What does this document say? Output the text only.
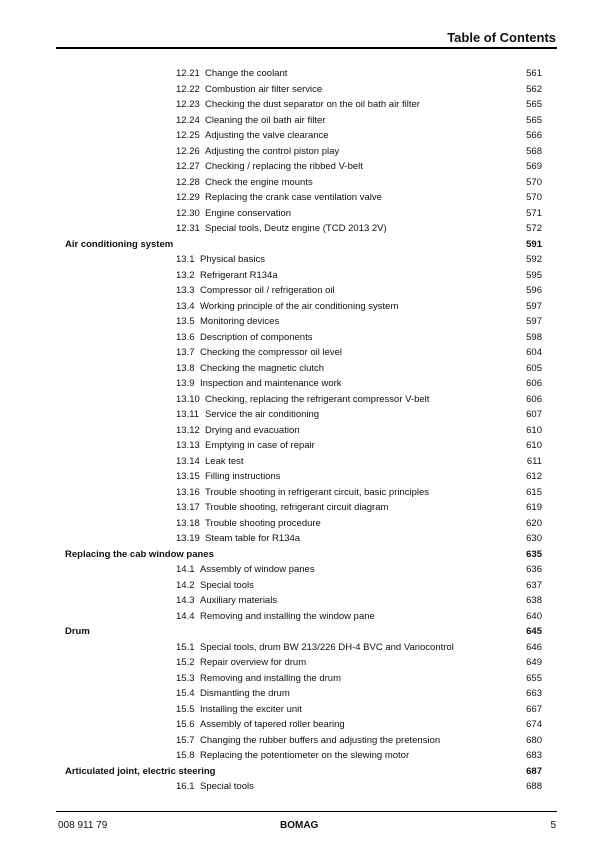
Table of Contents
12.21 Change the coolant	561
12.22 Combustion air filter service	562
12.23 Checking the dust separator on the oil bath air filter	565
12.24 Cleaning the oil bath air filter	565
12.25 Adjusting the valve clearance	566
12.26 Adjusting the control piston play	568
12.27 Checking / replacing the ribbed V-belt	569
12.28 Check the engine mounts	570
12.29 Replacing the crank case ventilation valve	570
12.30 Engine conservation	571
12.31 Special tools, Deutz engine (TCD 2013 2V)	572
Air conditioning system	591
13.1 Physical basics	592
13.2 Refrigerant R134a	595
13.3 Compressor oil / refrigeration oil	596
13.4 Working principle of the air conditioning system	597
13.5 Monitoring devices	597
13.6 Description of components	598
13.7 Checking the compressor oil level	604
13.8 Checking the magnetic clutch	605
13.9 Inspection and maintenance work	606
13.10 Checking, replacing the refrigerant compressor V-belt	606
13.11 Service the air conditioning	607
13.12 Drying and evacuation	610
13.13 Emptying in case of repair	610
13.14 Leak test	611
13.15 Filling instructions	612
13.16 Trouble shooting in refrigerant circuit, basic principles	615
13.17 Trouble shooting, refrigerant circuit diagram	619
13.18 Trouble shooting procedure	620
13.19 Steam table for R134a	630
Replacing the cab window panes	635
14.1 Assembly of window panes	636
14.2 Special tools	637
14.3 Auxiliary materials	638
14.4 Removing and installing the window pane	640
Drum	645
15.1 Special tools, drum BW 213/226 DH-4 BVC and Variocontrol	646
15.2 Repair overview for drum	649
15.3 Removing and installing the drum	655
15.4 Dismantling the drum	663
15.5 Installing the exciter unit	667
15.6 Assembly of tapered roller bearing	674
15.7 Changing the rubber buffers and adjusting the pretension	680
15.8 Replacing the potentiometer on the slewing motor	683
Articulated joint, electric steering	687
16.1 Special tools	688
008 911 79	BOMAG	5
